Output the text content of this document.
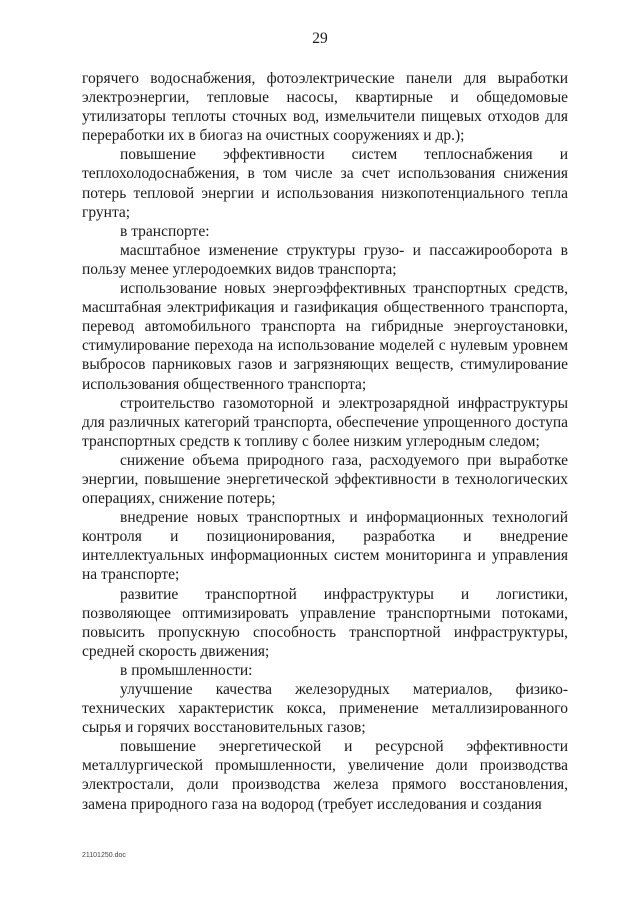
29

горячего водоснабжения, фотоэлектрические панели для выработки электроэнергии, тепловые насосы, квартирные и общедомовые утилизаторы теплоты сточных вод, измельчители пищевых отходов для переработки их в биогаз на очистных сооружениях и др.);

повышение эффективности систем теплоснабжения и теплохолодоснабжения, в том числе за счет использования снижения потерь тепловой энергии и использования низкопотенциального тепла грунта;

в транспорте:

масштабное изменение структуры грузо- и пассажирооборота в пользу менее углеродоемких видов транспорта;

использование новых энергоэффективных транспортных средств, масштабная электрификация и газификация общественного транспорта, перевод автомобильного транспорта на гибридные энергоустановки, стимулирование перехода на использование моделей с нулевым уровнем выбросов парниковых газов и загрязняющих веществ, стимулирование использования общественного транспорта;

строительство газомоторной и электрозарядной инфраструктуры для различных категорий транспорта, обеспечение упрощенного доступа транспортных средств к топливу с более низким углеродным следом;

снижение объема природного газа, расходуемого при выработке энергии, повышение энергетической эффективности в технологических операциях, снижение потерь;

внедрение новых транспортных и информационных технологий контроля и позиционирования, разработка и внедрение интеллектуальных информационных систем мониторинга и управления на транспорте;

развитие транспортной инфраструктуры и логистики, позволяющее оптимизировать управление транспортными потоками, повысить пропускную способность транспортной инфраструктуры, средней скорость движения;

в промышленности:

улучшение качества железорудных материалов, физико-технических характеристик кокса, применение металлизированного сырья и горячих восстановительных газов;

повышение энергетической и ресурсной эффективности металлургической промышленности, увеличение доли производства электростали, доли производства железа прямого восстановления, замена природного газа на водород (требует исследования и создания

21101250.doc
